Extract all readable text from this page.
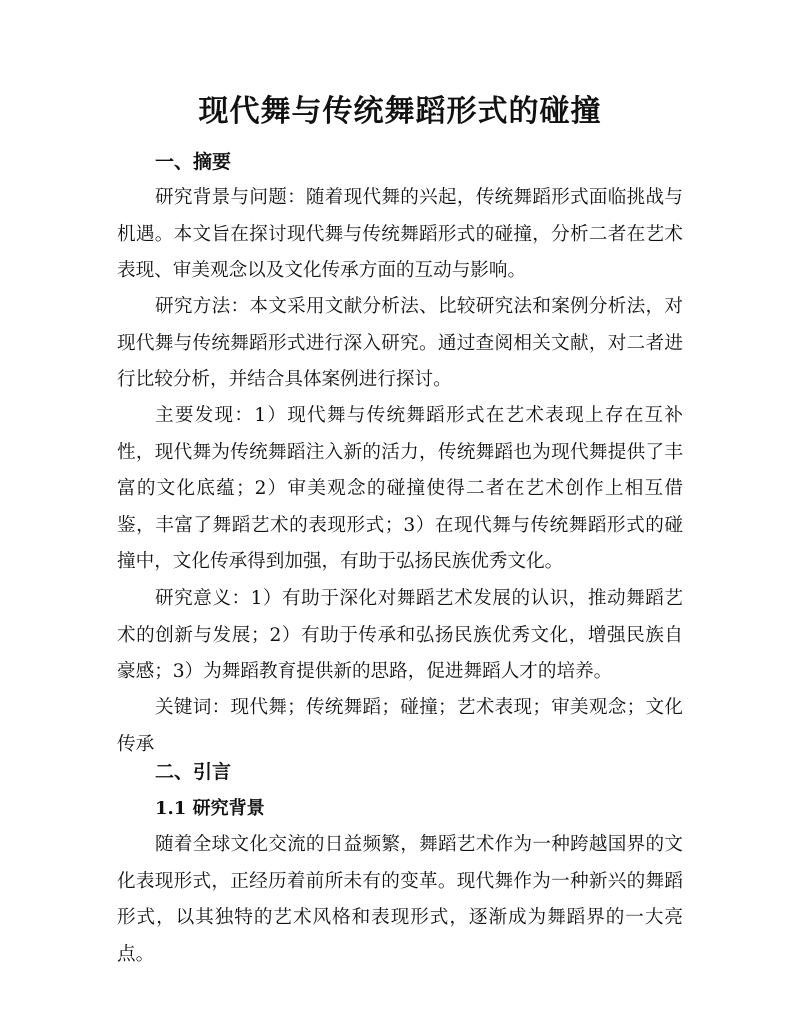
现代舞与传统舞蹈形式的碰撞
一、摘要

研究背景与问题：随着现代舞的兴起，传统舞蹈形式面临挑战与机遇。本文旨在探讨现代舞与传统舞蹈形式的碰撞，分析二者在艺术表现、审美观念以及文化传承方面的互动与影响。

研究方法：本文采用文献分析法、比较研究法和案例分析法，对现代舞与传统舞蹈形式进行深入研究。通过查阅相关文献，对二者进行比较分析，并结合具体案例进行探讨。

主要发现：1）现代舞与传统舞蹈形式在艺术表现上存在互补性，现代舞为传统舞蹈注入新的活力，传统舞蹈也为现代舞提供了丰富的文化底蕴；2）审美观念的碰撞使得二者在艺术创作上相互借鉴，丰富了舞蹈艺术的表现形式；3）在现代舞与传统舞蹈形式的碰撞中，文化传承得到加强，有助于弘扬民族优秀文化。

研究意义：1）有助于深化对舞蹈艺术发展的认识，推动舞蹈艺术的创新与发展；2）有助于传承和弘扬民族优秀文化，增强民族自豪感；3）为舞蹈教育提供新的思路，促进舞蹈人才的培养。

关键词：现代舞；传统舞蹈；碰撞；艺术表现；审美观念；文化传承

二、引言
1.1 研究背景

随着全球文化交流的日益频繁，舞蹈艺术作为一种跨越国界的文化表现形式，正经历着前所未有的变革。现代舞作为一种新兴的舞蹈形式，以其独特的艺术风格和表现形式，逐渐成为舞蹈界的一大亮点。
